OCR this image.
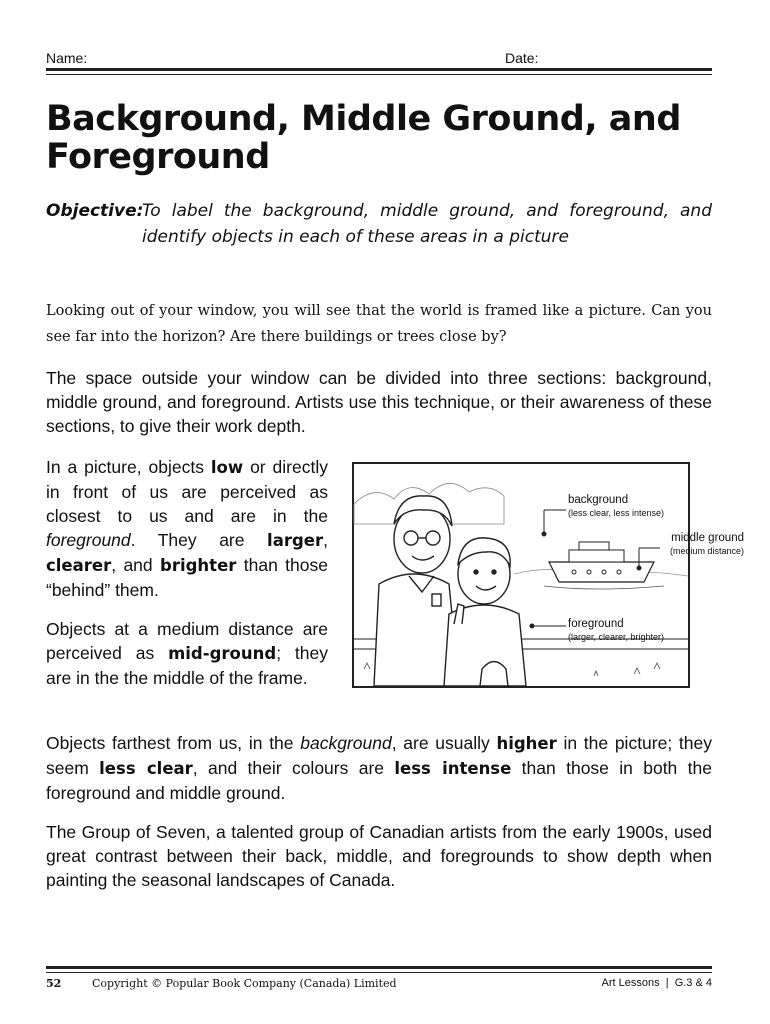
Name:	Date:
Background, Middle Ground, and
Foreground
Objective:
To label the background, middle ground, and foreground, and identify objects in each of these areas in a picture
Looking out of your window, you will see that the world is framed like a picture. Can you see far into the horizon? Are there buildings or trees close by?
The space outside your window can be divided into three sections: background, middle ground, and foreground. Artists use this technique, or their awareness of these sections, to give their work depth.
In a picture, objects low or directly in front of us are perceived as closest to us and are in the foreground. They are larger, clearer, and brighter than those “behind” them.
Objects at a medium distance are perceived as mid-ground; they are in the the middle of the frame.
background
(less clear, less intense)
middle ground
(medium distance)
foreground
(larger, clearer, brighter)
Objects farthest from us, in the background, are usually higher in the picture; they seem less clear, and their colours are less intense than those in both the foreground and middle ground.
The Group of Seven, a talented group of Canadian artists from the early 1900s, used great contrast between their back, middle, and foregrounds to show depth when painting the seasonal landscapes of Canada.
52	Copyright © Popular Book Company (Canada) Limited	Art Lessons  |  G.3 & 4
